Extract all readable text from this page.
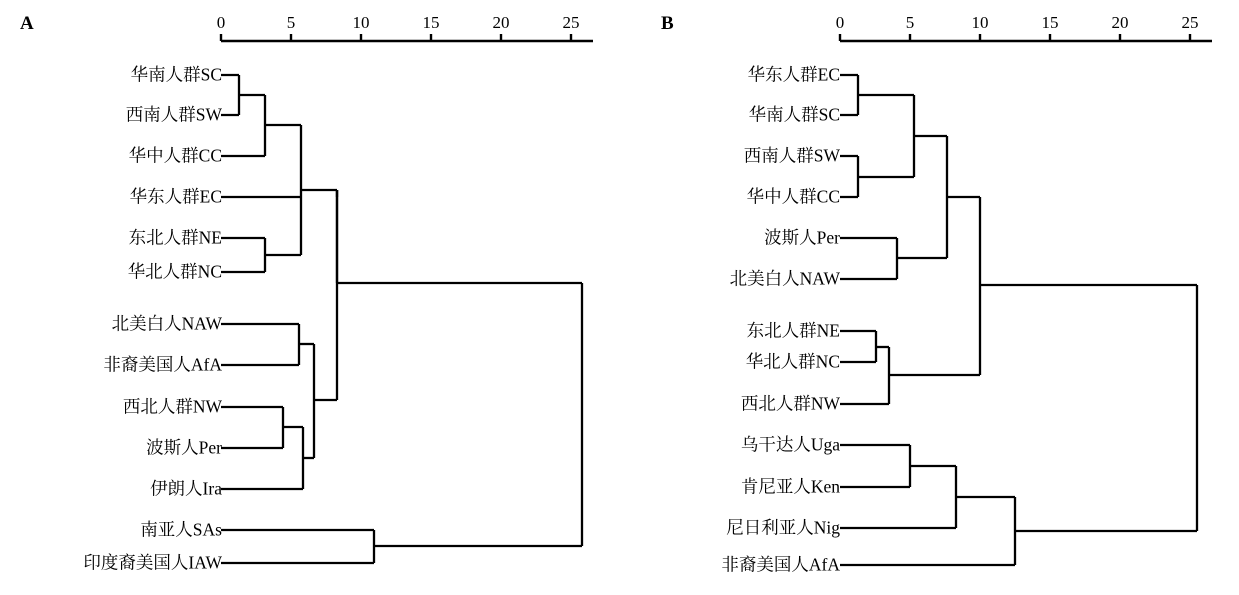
A	0	5	10	15	20	25
华南人群SC
西南人群SW
华中人群CC
华东人群EC
东北人群NE
华北人群NC
北美白人NAW
非裔美国人AfA
西北人群NW
波斯人Per
伊朗人Ira
南亚人SAs
印度裔美国人IAW
B	0	5	10	15	20	25
华东人群EC
华南人群SC
西南人群SW
华中人群CC
波斯人Per
北美白人NAW
东北人群NE
华北人群NC
西北人群NW
乌干达人Uga
肯尼亚人Ken
尼日利亚人Nig
非裔美国人AfA
